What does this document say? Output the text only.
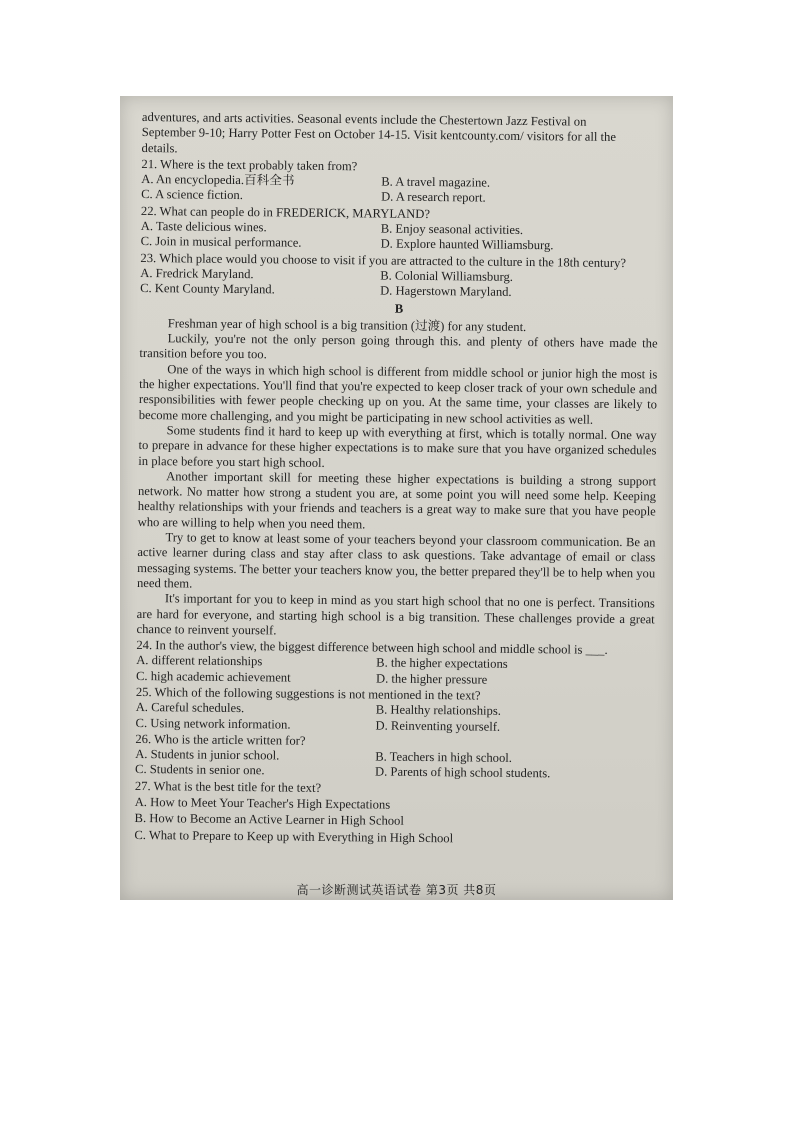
adventures, and arts activities. Seasonal events include the Chestertown Jazz Festival on

September 9-10; Harry Potter Fest on October 14-15. Visit kentcounty.com/ visitors for all the

details.

21. Where is the text probably taken from?

A. An encyclopedia.百科全书	B. A travel magazine.
C. A science fiction.	D. A research report.

22. What can people do in FREDERICK, MARYLAND?

A. Taste delicious wines.	B. Enjoy seasonal activities.
C. Join in musical performance.	D. Explore haunted Williamsburg.

23. Which place would you choose to visit if you are attracted to the culture in the 18th century?

A. Fredrick Maryland.	B. Colonial Williamsburg.
C. Kent County Maryland.	D. Hagerstown Maryland.

B

Freshman year of high school is a big transition (过渡) for any student.

Luckily, you're not the only person going through this. and plenty of others have made the transition before you too.

One of the ways in which high school is different from middle school or junior high the most is the higher expectations. You'll find that you're expected to keep closer track of your own schedule and responsibilities with fewer people checking up on you. At the same time, your classes are likely to become more challenging, and you might be participating in new school activities as well.

Some students find it hard to keep up with everything at first, which is totally normal. One way to prepare in advance for these higher expectations is to make sure that you have organized schedules in place before you start high school.

Another important skill for meeting these higher expectations is building a strong support network. No matter how strong a student you are, at some point you will need some help. Keeping healthy relationships with your friends and teachers is a great way to make sure that you have people who are willing to help when you need them.

Try to get to know at least some of your teachers beyond your classroom communication. Be an active learner during class and stay after class to ask questions. Take advantage of email or class messaging systems. The better your teachers know you, the better prepared they'll be to help when you need them.

It's important for you to keep in mind as you start high school that no one is perfect. Transitions are hard for everyone, and starting high school is a big transition. These challenges provide a great chance to reinvent yourself.

24. In the author's view, the biggest difference between high school and middle school is ___.

A. different relationships	B. the higher expectations
C. high academic achievement	D. the higher pressure

25. Which of the following suggestions is not mentioned in the text?

A. Careful schedules.	B. Healthy relationships.
C. Using network information.	D. Reinventing yourself.

26. Who is the article written for?

A. Students in junior school.	B. Teachers in high school.
C. Students in senior one.	D. Parents of high school students.

27. What is the best title for the text?

A. How to Meet Your Teacher's High Expectations

B. How to Become an Active Learner in High School

C. What to Prepare to Keep up with Everything in High School

高一诊断测试英语试卷 第3页 共8页
